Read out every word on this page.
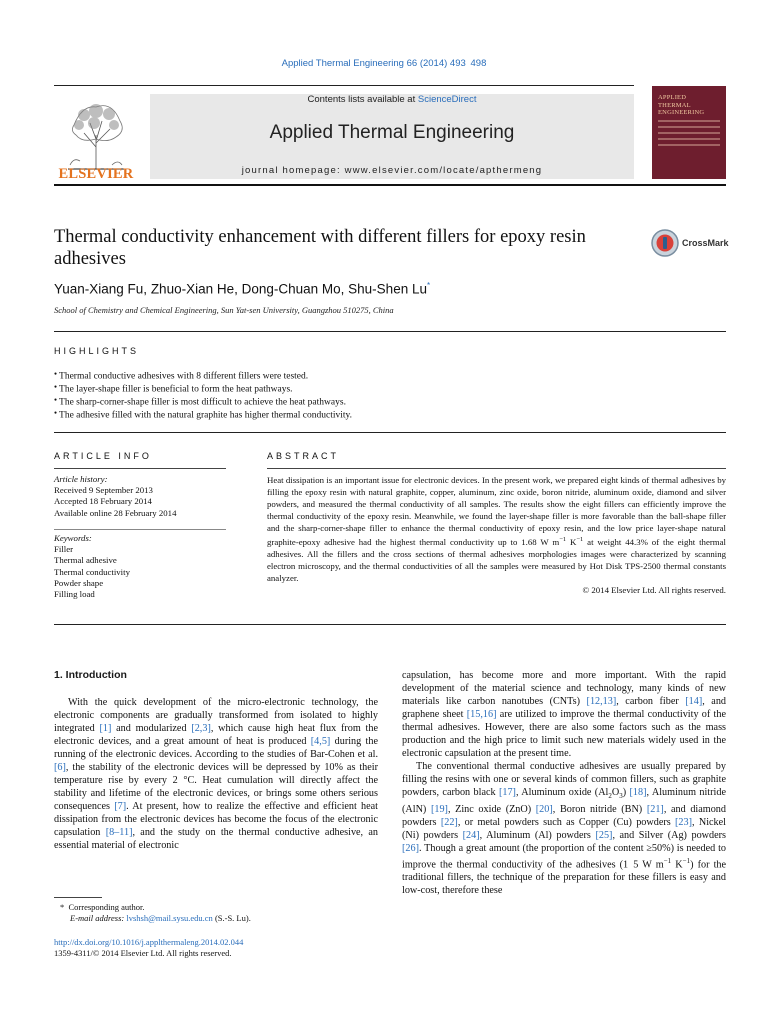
Applied Thermal Engineering 66 (2014) 493 498
ELSEVIER
Contents lists available at ScienceDirect
Applied Thermal Engineering
journal homepage: www.elsevier.com/locate/apthermeng
APPLIED
THERMAL
ENGINEERING
Thermal conductivity enhancement with different fillers for epoxy resin adhesives
CrossMark
Yuan-Xiang Fu, Zhuo-Xian He, Dong-Chuan Mo, Shu-Shen Lu*
School of Chemistry and Chemical Engineering, Sun Yat-sen University, Guangzhou 510275, China
HIGHLIGHTS
● Thermal conductive adhesives with 8 different fillers were tested.
● The layer-shape filler is beneficial to form the heat pathways.
● The sharp-corner-shape filler is most difficult to achieve the heat pathways.
● The adhesive filled with the natural graphite has higher thermal conductivity.
ARTICLE INFO
Article history:
Received 9 September 2013
Accepted 18 February 2014
Available online 28 February 2014
Keywords:
Filler
Thermal adhesive
Thermal conductivity
Powder shape
Filling load
ABSTRACT
Heat dissipation is an important issue for electronic devices. In the present work, we prepared eight kinds of thermal adhesives by filling the epoxy resin with natural graphite, copper, aluminum, zinc oxide, boron nitride, aluminum oxide, diamond and silver powders, and measured the thermal conductivity of all samples. The results show the eight fillers can efficiently improve the thermal conductivity of the epoxy resin. Meanwhile, we found the layer-shape filler is more favorable than the ball-shape filler and the sharp-corner-shape filler to enhance the thermal conductivity of epoxy resin, and the low price layer-shape natural graphite-epoxy adhesive had the highest thermal conductivity up to 1.68 W $m^{-1}$ $K^{-1}$ at weight 44.3% of the eight thermal adhesives. All the fillers and the cross sections of thermal adhesives morphologies images were characterized by scanning electron microscopy, and the thermal conductivities of all the samples were measured by Hot Disk TPS-2500 thermal constants analyzer.
© 2014 Elsevier Ltd. All rights reserved.
1. Introduction

With the quick development of the micro-electronic technology, the electronic components are gradually transformed from isolated to highly integrated [1] and modularized [2,3], which cause high heat flux from the electronic devices, and a great amount of heat is produced [4,5] during the running of the electronic devices. According to the studies of Bar-Cohen et al. [6], the stability of the electronic devices will be depressed by 10% as their temperature rise by every 2 °C. Heat cumulation will directly affect the stability and lifetime of the electronic devices, or brings some others serious consequences [7]. At present, how to realize the effective and efficient heat dissipation from the electronic devices has become the focus of the electronic capsulation [8‒11], and the study on the thermal conductive adhesive, an essential material of electronic

capsulation, has become more and more important. With the rapid development of the material science and technology, many kinds of new materials like carbon nanotubes (CNTs) [12,13], carbon fiber [14], and graphene sheet [15,16] are utilized to improve the thermal conductivity of the thermal adhesives. However, there are also some factors such as the mass production and the high price to limit such new materials widely used in the electronic capsulation at the present time.

The conventional thermal conductive adhesives are usually prepared by filling the resins with one or several kinds of common fillers, such as graphite powders, carbon black [17], Aluminum oxide $(Al_2O_3)$ [18], Aluminum nitride (AlN) [19], Zinc oxide (ZnO) [20], Boron nitride (BN) [21], and diamond powders [22], or metal powders such as Copper (Cu) powders [23], Nickel (Ni) powders [24], Aluminum (Al) powders [25], and Silver (Ag) powders [26]. Though a great amount (the proportion of the content ≥50%) is needed to improve the thermal conductivity of the adhesives (1 5 W $m^{-1}$ $K^{-1}$) for the traditional fillers, the technique of the preparation for these fillers is easy and low-cost, therefore these

* Corresponding author.
E-mail address: lvshsh@mail.sysu.edu.cn (S.-S. Lu).
http://dx.doi.org/10.1016/j.applthermaleng.2014.02.044
1359-4311/© 2014 Elsevier Ltd. All rights reserved.
